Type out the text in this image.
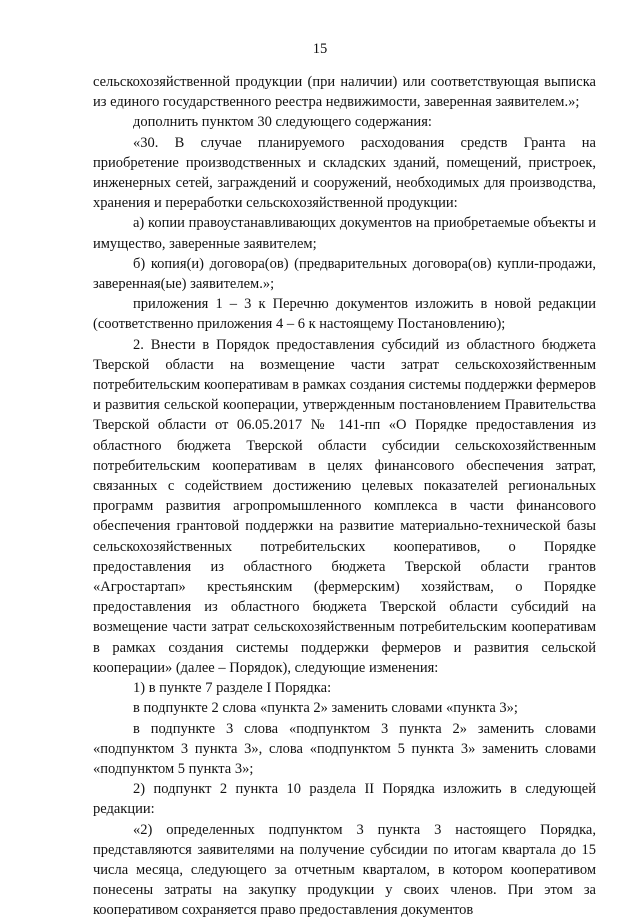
15

сельскохозяйственной продукции (при наличии) или соответствующая выписка из единого государственного реестра недвижимости, заверенная заявителем.»;

дополнить пунктом 30 следующего содержания:

«30. В случае планируемого расходования средств Гранта на приобретение производственных и складских зданий, помещений, пристроек, инженерных сетей, заграждений и сооружений, необходимых для производства, хранения и переработки сельскохозяйственной продукции:

а) копии правоустанавливающих документов на приобретаемые объекты и имущество, заверенные заявителем;

б) копия(и) договора(ов) (предварительных договора(ов) купли-продажи, заверенная(ые) заявителем.»;

приложения 1 – 3 к Перечню документов изложить в новой редакции (соответственно приложения 4 – 6 к настоящему Постановлению);

2. Внести в Порядок предоставления субсидий из областного бюджета Тверской области на возмещение части затрат сельскохозяйственным потребительским кооперативам в рамках создания системы поддержки фермеров и развития сельской кооперации, утвержденным постановлением Правительства Тверской области от 06.05.2017 № 141-пп «О Порядке предоставления из областного бюджета Тверской области субсидии сельскохозяйственным потребительским кооперативам в целях финансового обеспечения затрат, связанных с содействием достижению целевых показателей региональных программ развития агропромышленного комплекса в части финансового обеспечения грантовой поддержки на развитие материально-технической базы сельскохозяйственных потребительских кооперативов, о Порядке предоставления из областного бюджета Тверской области грантов «Агростартап» крестьянским (фермерским) хозяйствам, о Порядке предоставления из областного бюджета Тверской области субсидий на возмещение части затрат сельскохозяйственным потребительским кооперативам в рамках создания системы поддержки фермеров и развития сельской кооперации» (далее – Порядок), следующие изменения:

1) в пункте 7 разделе I Порядка:

в подпункте 2 слова «пункта 2» заменить словами «пункта 3»;

в подпункте 3 слова «подпунктом 3 пункта 2» заменить словами «подпунктом 3 пункта 3», слова «подпунктом 5 пункта 3» заменить словами «подпунктом 5 пункта 3»;

2) подпункт 2 пункта 10 раздела II Порядка изложить в следующей редакции:

«2) определенных подпунктом 3 пункта 3 настоящего Порядка, представляются заявителями на получение субсидии по итогам квартала до 15 числа месяца, следующего за отчетным кварталом, в котором кооперативом понесены затраты на закупку продукции у своих членов. При этом за кооперативом сохраняется право предоставления документов
